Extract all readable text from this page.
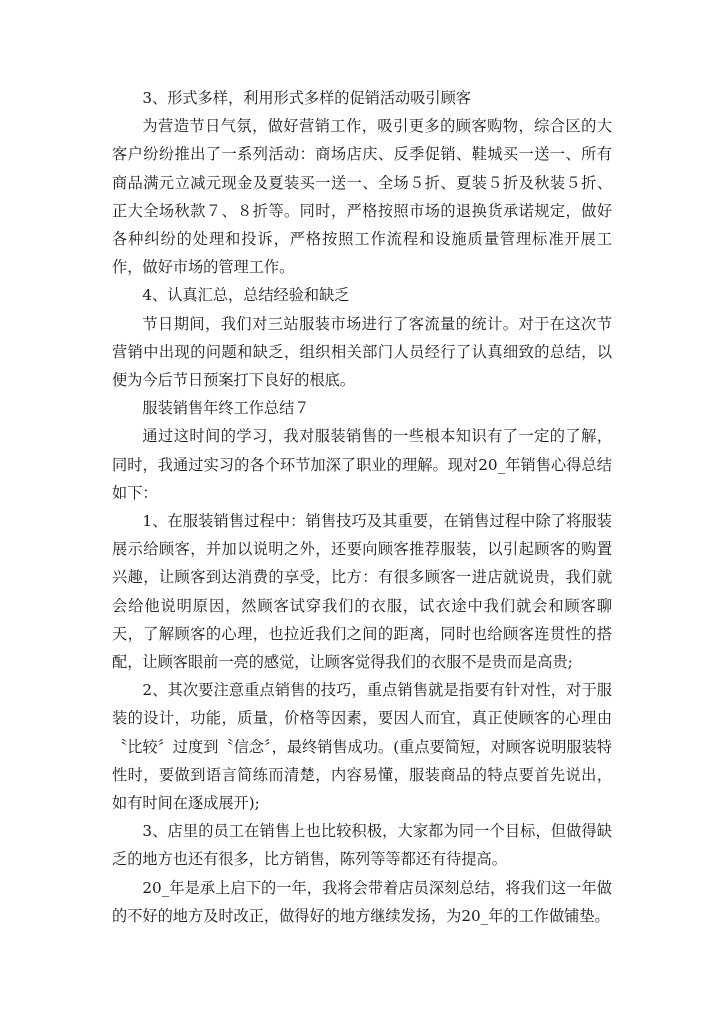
3、形式多样，利用形式多样的促销活动吸引顾客

为营造节日气氛，做好营销工作，吸引更多的顾客购物，综合区的大客户纷纷推出了一系列活动：商场店庆、反季促销、鞋城买一送一、所有商品满元立减元现金及夏装买一送一、全场５折、夏装５折及秋装５折、正大全场秋款７、８折等。同时，严格按照市场的退换货承诺规定，做好各种纠纷的处理和投诉，严格按照工作流程和设施质量管理标准开展工作，做好市场的管理工作。

4、认真汇总，总结经验和缺乏

节日期间，我们对三站服装市场进行了客流量的统计。对于在这次节营销中出现的问题和缺乏，组织相关部门人员经行了认真细致的总结，以便为今后节日预案打下良好的根底。

服装销售年终工作总结７

通过这时间的学习，我对服装销售的一些根本知识有了一定的了解，同时，我通过实习的各个环节加深了职业的理解。现对20_年销售心得总结如下：

1、在服装销售过程中：销售技巧及其重要，在销售过程中除了将服装展示给顾客，并加以说明之外，还要向顾客推荐服装，以引起顾客的购置兴趣，让顾客到达消费的享受，比方：有很多顾客一进店就说贵，我们就会给他说明原因，然顾客试穿我们的衣服，试衣途中我们就会和顾客聊天，了解顾客的心理，也拉近我们之间的距离，同时也给顾客连贯性的搭配，让顾客眼前一亮的感觉，让顾客觉得我们的衣服不是贵而是高贵;

2、其次要注意重点销售的技巧，重点销售就是指要有针对性，对于服装的设计，功能，质量，价格等因素，要因人而宜，真正使顾客的心理由〝比较〞过度到〝信念〞，最终销售成功。(重点要简短，对顾客说明服装特性时，要做到语言简练而清楚，内容易懂，服装商品的特点要首先说出，如有时间在逐成展开);

3、店里的员工在销售上也比较积极，大家都为同一个目标，但做得缺乏的地方也还有很多，比方销售，陈列等等都还有待提高。

20_年是承上启下的一年，我将会带着店员深刻总结，将我们这一年做的不好的地方及时改正，做得好的地方继续发扬，为20_年的工作做铺垫。
